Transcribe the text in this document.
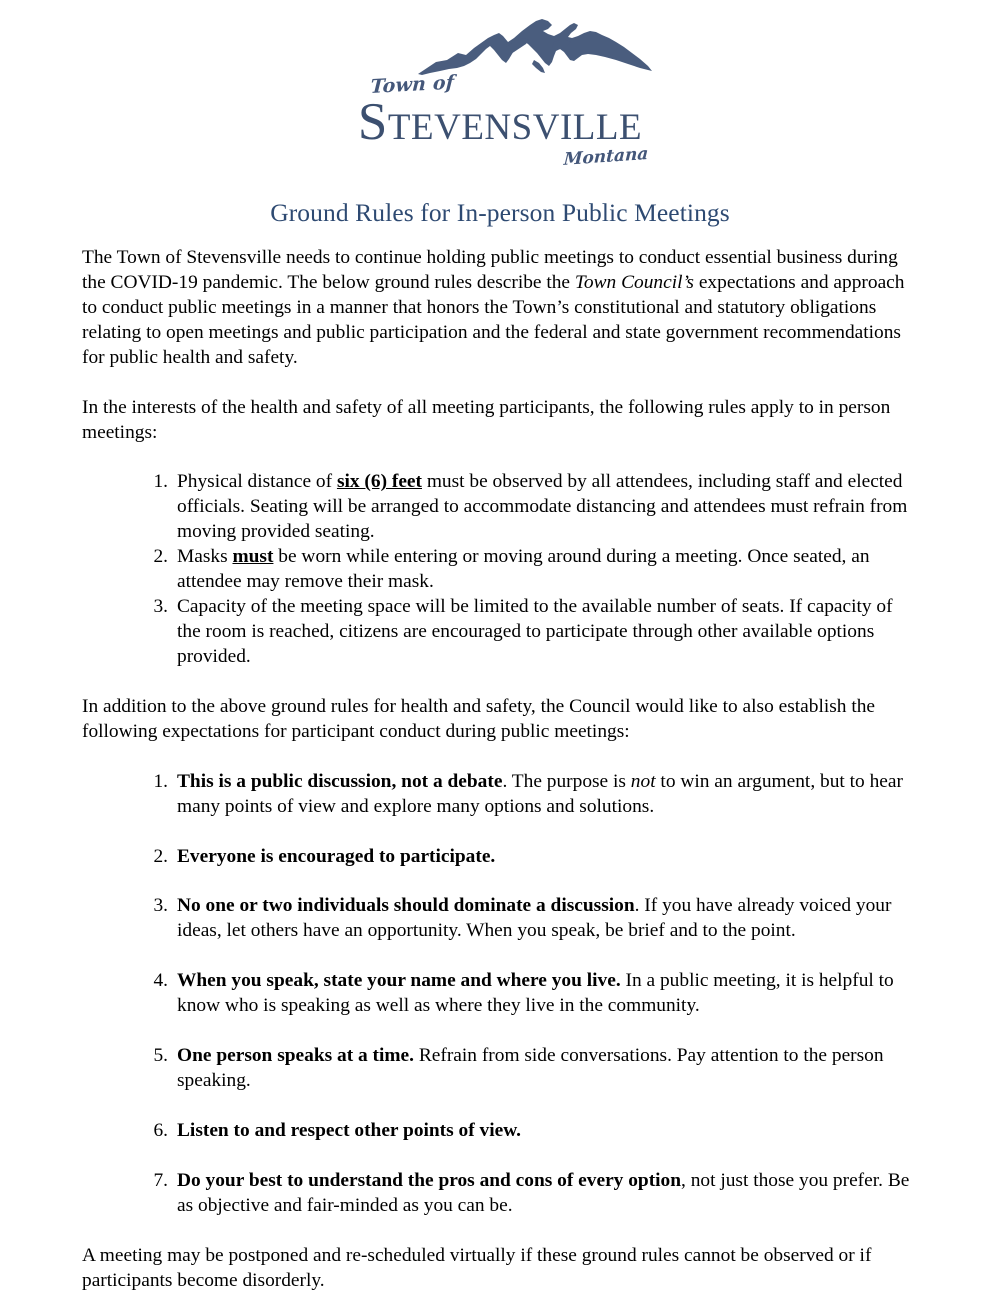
Town of
Stevensville
Montana
Ground Rules for In-person Public Meetings

The Town of Stevensville needs to continue holding public meetings to conduct essential business during the COVID-19 pandemic. The below ground rules describe the Town Council’s expectations and approach to conduct public meetings in a manner that honors the Town’s constitutional and statutory obligations relating to open meetings and public participation and the federal and state government recommendations for public health and safety.

In the interests of the health and safety of all meeting participants, the following rules apply to in person meetings:

Physical distance of six (6) feet must be observed by all attendees, including staff and elected officials. Seating will be arranged to accommodate distancing and attendees must refrain from moving provided seating.
Masks must be worn while entering or moving around during a meeting. Once seated, an attendee may remove their mask.
Capacity of the meeting space will be limited to the available number of seats. If capacity of the room is reached, citizens are encouraged to participate through other available options provided.

In addition to the above ground rules for health and safety, the Council would like to also establish the following expectations for participant conduct during public meetings:

This is a public discussion, not a debate. The purpose is not to win an argument, but to hear many points of view and explore many options and solutions.
Everyone is encouraged to participate.
No one or two individuals should dominate a discussion. If you have already voiced your ideas, let others have an opportunity. When you speak, be brief and to the point.
When you speak, state your name and where you live. In a public meeting, it is helpful to know who is speaking as well as where they live in the community.
One person speaks at a time. Refrain from side conversations. Pay attention to the person speaking.
Listen to and respect other points of view.
Do your best to understand the pros and cons of every option, not just those you prefer. Be as objective and fair-minded as you can be.

A meeting may be postponed and re-scheduled virtually if these ground rules cannot be observed or if participants become disorderly.
